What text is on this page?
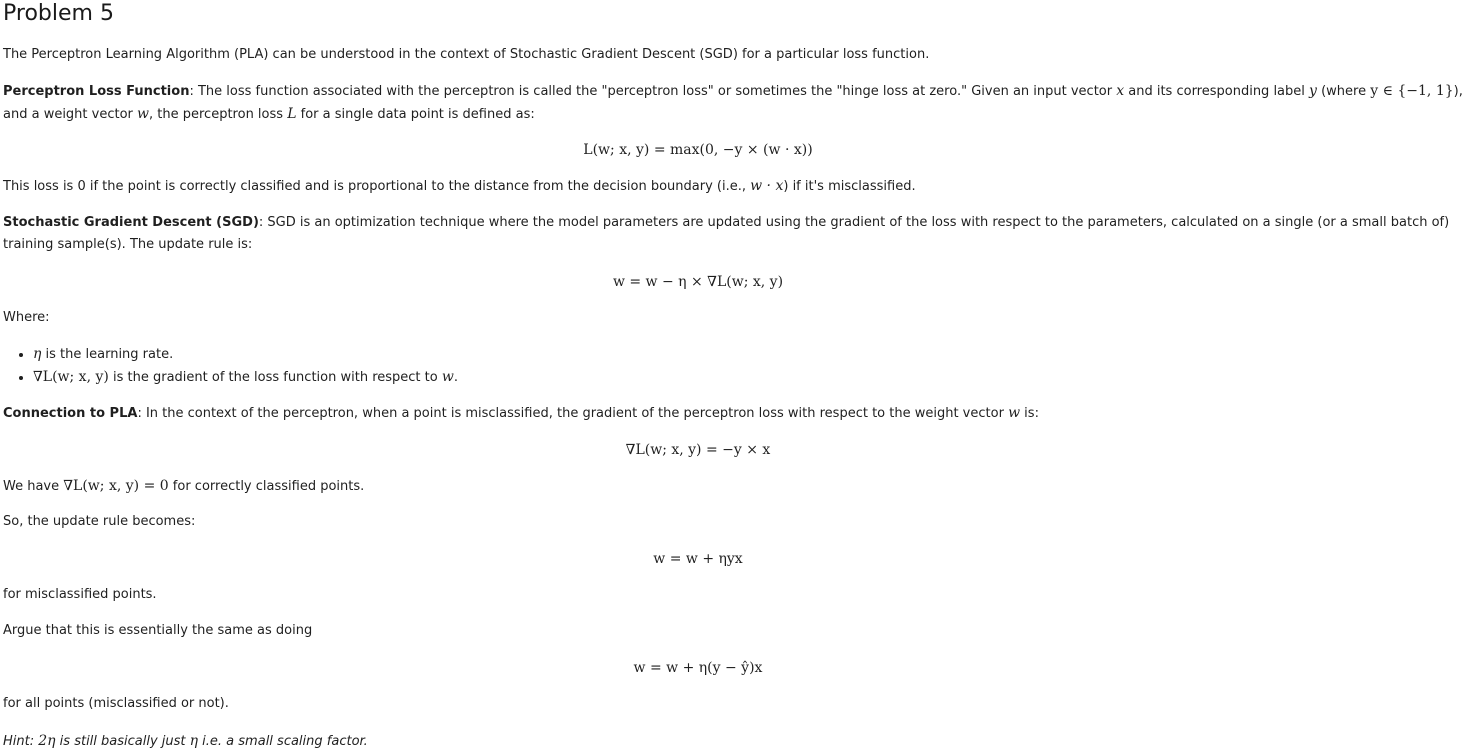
Problem 5
The Perceptron Learning Algorithm (PLA) can be understood in the context of Stochastic Gradient Descent (SGD) for a particular loss function.
Perceptron Loss Function: The loss function associated with the perceptron is called the "perceptron loss" or sometimes the "hinge loss at zero." Given an input vector x and its corresponding label y (where y ∈ {−1, 1}),
and a weight vector w, the perceptron loss L for a single data point is defined as:
L(w; x, y) = max(0, −y × (w · x))
This loss is 0 if the point is correctly classified and is proportional to the distance from the decision boundary (i.e., w · x) if it's misclassified.
Stochastic Gradient Descent (SGD): SGD is an optimization technique where the model parameters are updated using the gradient of the loss with respect to the parameters, calculated on a single (or a small batch of)
training sample(s). The update rule is:
w = w − η × ∇L(w; x, y)
Where:
• η is the learning rate.
• ∇L(w; x, y) is the gradient of the loss function with respect to w.
Connection to PLA: In the context of the perceptron, when a point is misclassified, the gradient of the perceptron loss with respect to the weight vector w is:
∇L(w; x, y) = −y × x
We have ∇L(w; x, y) = 0 for correctly classified points.
So, the update rule becomes:
w = w + ηyx
for misclassified points.
Argue that this is essentially the same as doing
w = w + η(y − ŷ)x
for all points (misclassified or not).
Hint: 2η is still basically just η i.e. a small scaling factor.
